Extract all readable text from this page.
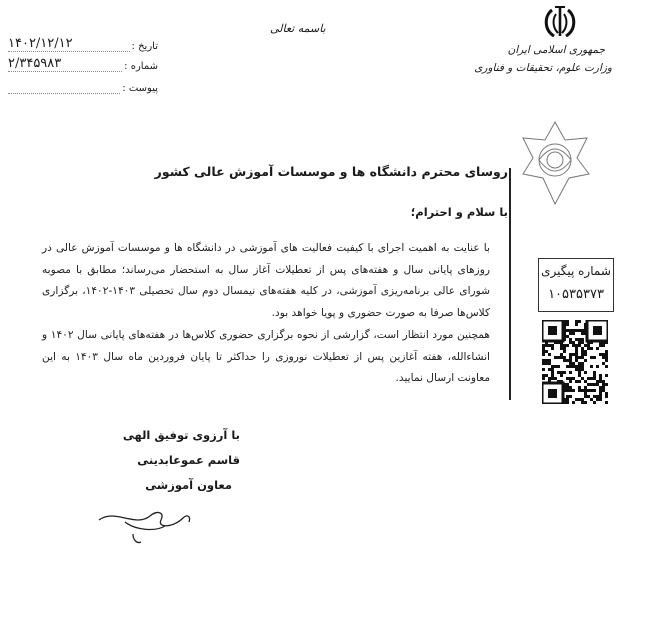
تاریخ :
۱۴۰۲/۱۲/۱۲
شماره :
۲/۳۴۵۹۸۳
پیوست :
باسمه تعالی
جمهوری اسلامی ایران
وزارت علوم، تحقیقات و فناوری
شماره پیگیری
۱۰۵۳۵۳۷۳
روسای محترم دانشگاه ها و موسسات آموزش عالی کشور
با سلام و احترام؛

با عنایت به اهمیت اجرای با کیفیت فعالیت های آموزشی در دانشگاه ها و موسسات آموزش عالی در روزهای پایانی سال و هفته‌های پس از تعطیلات آغاز سال به استحضار می‌رساند؛ مطابق با مصوبه شورای عالی برنامه‌ریزی آموزشی، در کلیه هفته‌های نیمسال دوم سال تحصیلی ۱۴۰۳-۱۴۰۲، برگزاری کلاس‌ها صرفا به صورت حضوری و پویا خواهد بود.

همچنین مورد انتظار است، گزارشی از نحوه برگزاری حضوری کلاس‌ها در هفته‌های پایانی سال ۱۴۰۲ و انشاءالله، هفته آغازین پس از تعطیلات نوروزی را حداکثر تا پایان فروردین ماه سال ۱۴۰۳ به این معاونت ارسال نمایید.

با آرزوی توفیق الهی
قاسم عموعابدینی
معاون آموزشی
